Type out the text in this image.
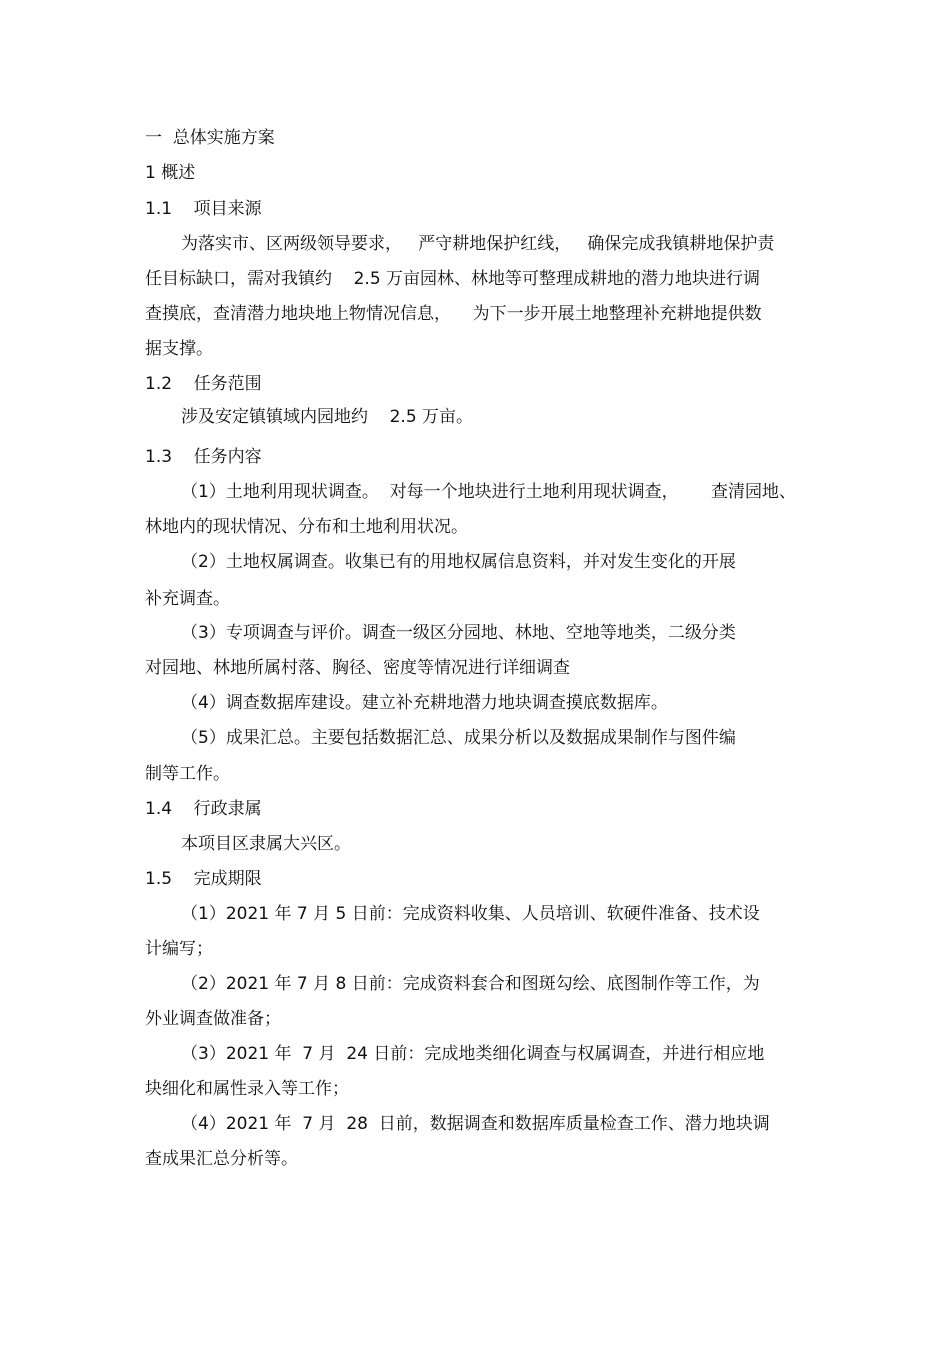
一  总体实施方案
1 概述
1.1    项目来源
为落实市、区两级领导要求，   严守耕地保护红线，   确保完成我镇耕地保护责
任目标缺口，需对我镇约    2.5 万亩园林、林地等可整理成耕地的潜力地块进行调
查摸底，查清潜力地块地上物情况信息，    为下一步开展土地整理补充耕地提供数
据支撑。
1.2    任务范围
涉及安定镇镇域内园地约    2.5 万亩。
1.3    任务内容
（1）土地利用现状调查。  对每一个地块进行土地利用现状调查，      查清园地、
林地内的现状情况、分布和土地利用状况。
（2）土地权属调查。收集已有的用地权属信息资料，并对发生变化的开展
补充调查。
（3）专项调查与评价。调查一级区分园地、林地、空地等地类，二级分类
对园地、林地所属村落、胸径、密度等情况进行详细调查
（4）调查数据库建设。建立补充耕地潜力地块调查摸底数据库。
（5）成果汇总。主要包括数据汇总、成果分析以及数据成果制作与图件编
制等工作。
1.4    行政隶属
本项目区隶属大兴区。
1.5    完成期限
（1）2021 年 7 月 5 日前：完成资料收集、人员培训、软硬件准备、技术设
计编写；
（2）2021 年 7 月 8 日前：完成资料套合和图斑勾绘、底图制作等工作，为
外业调查做准备；
（3）2021 年  7 月  24 日前：完成地类细化调查与权属调查，并进行相应地
块细化和属性录入等工作；
（4）2021 年  7 月  28  日前，数据调查和数据库质量检查工作、潜力地块调
查成果汇总分析等。
